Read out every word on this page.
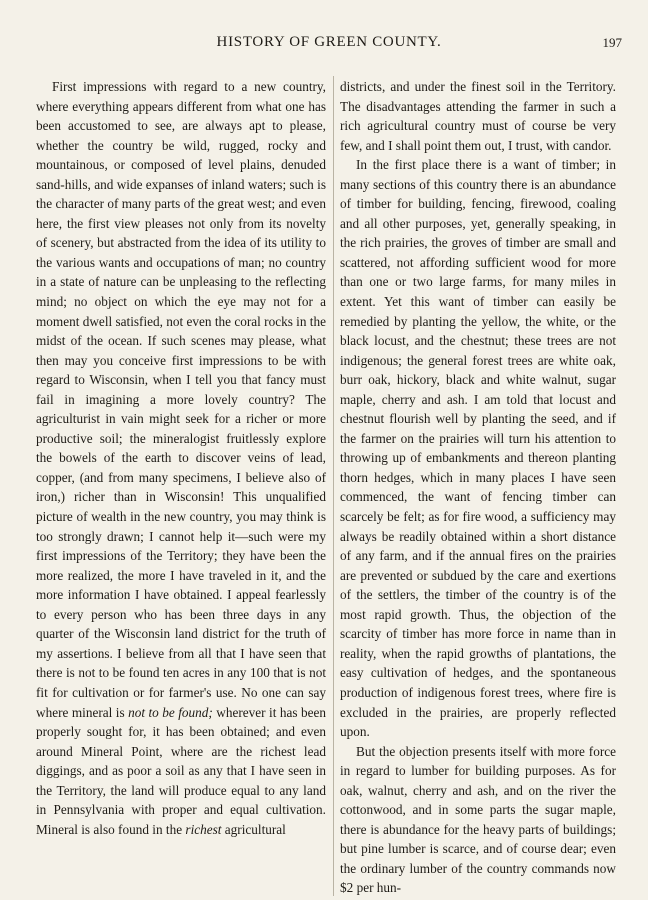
HISTORY OF GREEN COUNTY.	197

First impressions with regard to a new country, where everything appears different from what one has been accustomed to see, are always apt to please, whether the country be wild, rugged, rocky and mountainous, or composed of level plains, denuded sand-hills, and wide expanses of inland waters; such is the character of many parts of the great west; and even here, the first view pleases not only from its novelty of scenery, but abstracted from the idea of its utility to the various wants and occupations of man; no country in a state of nature can be unpleasing to the reflecting mind; no object on which the eye may not for a moment dwell satisfied, not even the coral rocks in the midst of the ocean. If such scenes may please, what then may you conceive first impressions to be with regard to Wisconsin, when I tell you that fancy must fail in imagining a more lovely country? The agriculturist in vain might seek for a richer or more productive soil; the mineralogist fruitlessly explore the bowels of the earth to discover veins of lead, copper, (and from many specimens, I believe also of iron,) richer than in Wisconsin! This unqualified picture of wealth in the new country, you may think is too strongly drawn; I cannot help it—such were my first impressions of the Territory; they have been the more realized, the more I have traveled in it, and the more information I have obtained. I appeal fearlessly to every person who has been three days in any quarter of the Wisconsin land district for the truth of my assertions. I believe from all that I have seen that there is not to be found ten acres in any 100 that is not fit for cultivation or for farmer's use. No one can say where mineral is not to be found; wherever it has been properly sought for, it has been obtained; and even around Mineral Point, where are the richest lead diggings, and as poor a soil as any that I have seen in the Territory, the land will produce equal to any land in Pennsylvania with proper and equal cultivation. Mineral is also found in the richest agricultural

districts, and under the finest soil in the Territory. The disadvantages attending the farmer in such a rich agricultural country must of course be very few, and I shall point them out, I trust, with candor.

In the first place there is a want of timber; in many sections of this country there is an abundance of timber for building, fencing, firewood, coaling and all other purposes, yet, generally speaking, in the rich prairies, the groves of timber are small and scattered, not affording sufficient wood for more than one or two large farms, for many miles in extent. Yet this want of timber can easily be remedied by planting the yellow, the white, or the black locust, and the chestnut; these trees are not indigenous; the general forest trees are white oak, burr oak, hickory, black and white walnut, sugar maple, cherry and ash. I am told that locust and chestnut flourish well by planting the seed, and if the farmer on the prairies will turn his attention to throwing up of embankments and thereon planting thorn hedges, which in many places I have seen commenced, the want of fencing timber can scarcely be felt; as for fire wood, a sufficiency may always be readily obtained within a short distance of any farm, and if the annual fires on the prairies are prevented or subdued by the care and exertions of the settlers, the timber of the country is of the most rapid growth. Thus, the objection of the scarcity of timber has more force in name than in reality, when the rapid growths of plantations, the easy cultivation of hedges, and the spontaneous production of indigenous forest trees, where fire is excluded in the prairies, are properly reflected upon.

But the objection presents itself with more force in regard to lumber for building purposes. As for oak, walnut, cherry and ash, and on the river the cottonwood, and in some parts the sugar maple, there is abundance for the heavy parts of buildings; but pine lumber is scarce, and of course dear; even the ordinary lumber of the country commands now $2 per hun-
